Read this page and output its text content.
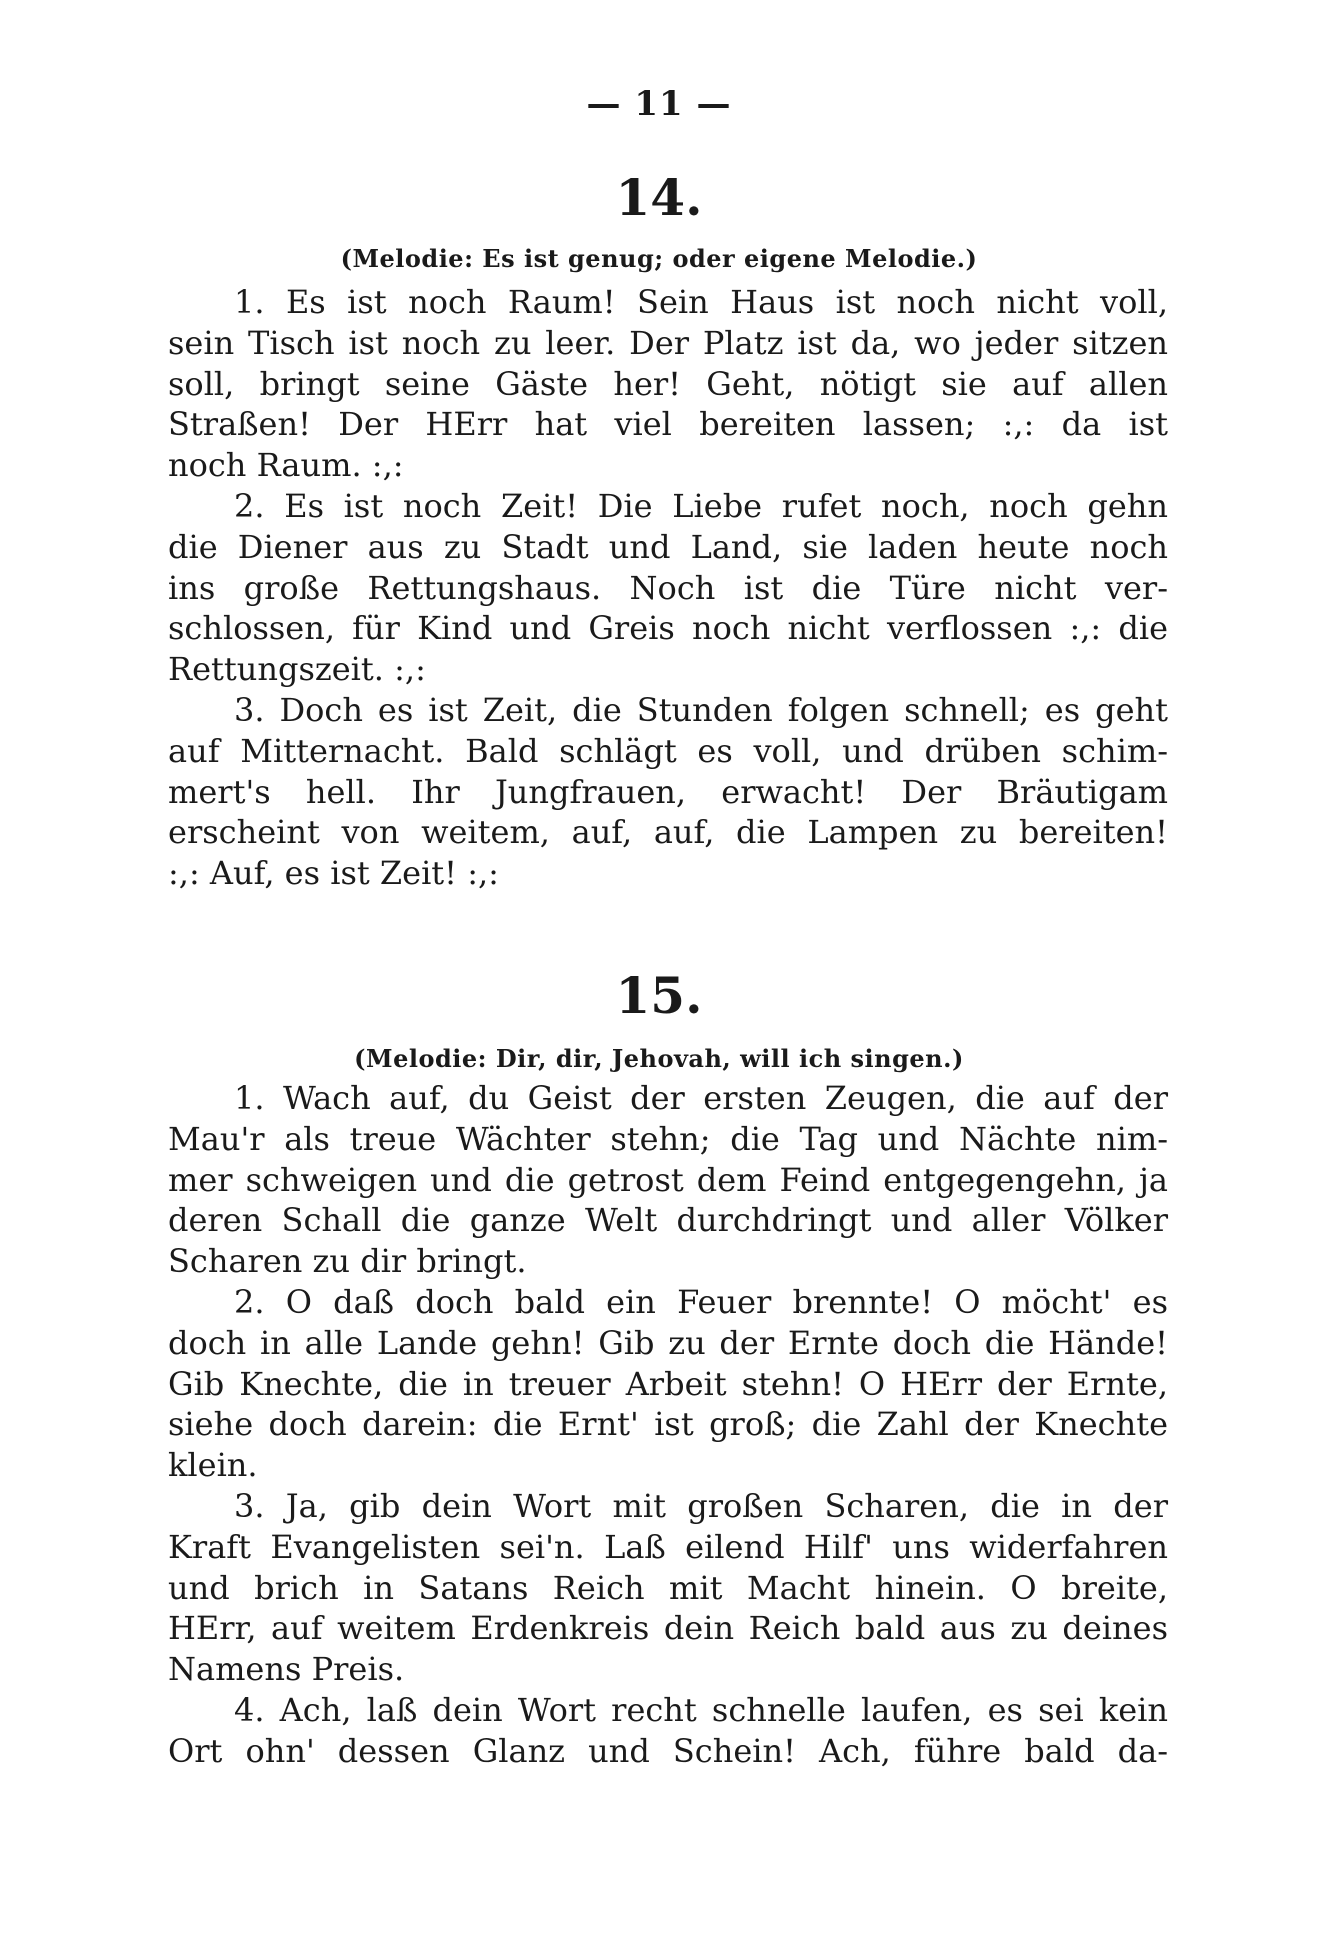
— 11 —
14.
(Melodie: Es ist genug; oder eigene Melodie.)
1. Es ist noch Raum! Sein Haus ist noch nicht voll,
sein Tisch ist noch zu leer. Der Platz ist da, wo jeder sitzen
soll, bringt seine Gäste her! Geht, nötigt sie auf allen
Straßen! Der HErr hat viel bereiten lassen; :,: da ist
noch Raum. :,:
2. Es ist noch Zeit! Die Liebe rufet noch, noch gehn
die Diener aus zu Stadt und Land, sie laden heute noch
ins große Rettungshaus. Noch ist die Türe nicht ver-
schlossen, für Kind und Greis noch nicht verflossen :,: die
Rettungszeit. :,:
3. Doch es ist Zeit, die Stunden folgen schnell; es geht
auf Mitternacht. Bald schlägt es voll, und drüben schim-
mert's hell. Ihr Jungfrauen, erwacht! Der Bräutigam
erscheint von weitem, auf, auf, die Lampen zu bereiten!
:,: Auf, es ist Zeit! :,:
15.
(Melodie: Dir, dir, Jehovah, will ich singen.)
1. Wach auf, du Geist der ersten Zeugen, die auf der
Mau'r als treue Wächter stehn; die Tag und Nächte nim-
mer schweigen und die getrost dem Feind entgegengehn, ja
deren Schall die ganze Welt durchdringt und aller Völker
Scharen zu dir bringt.
2. O daß doch bald ein Feuer brennte! O möcht' es
doch in alle Lande gehn! Gib zu der Ernte doch die Hände!
Gib Knechte, die in treuer Arbeit stehn! O HErr der Ernte,
siehe doch darein: die Ernt' ist groß; die Zahl der Knechte
klein.
3. Ja, gib dein Wort mit großen Scharen, die in der
Kraft Evangelisten sei'n. Laß eilend Hilf' uns widerfahren
und brich in Satans Reich mit Macht hinein. O breite,
HErr, auf weitem Erdenkreis dein Reich bald aus zu deines
Namens Preis.
4. Ach, laß dein Wort recht schnelle laufen, es sei kein
Ort ohn' dessen Glanz und Schein! Ach, führe bald da-
